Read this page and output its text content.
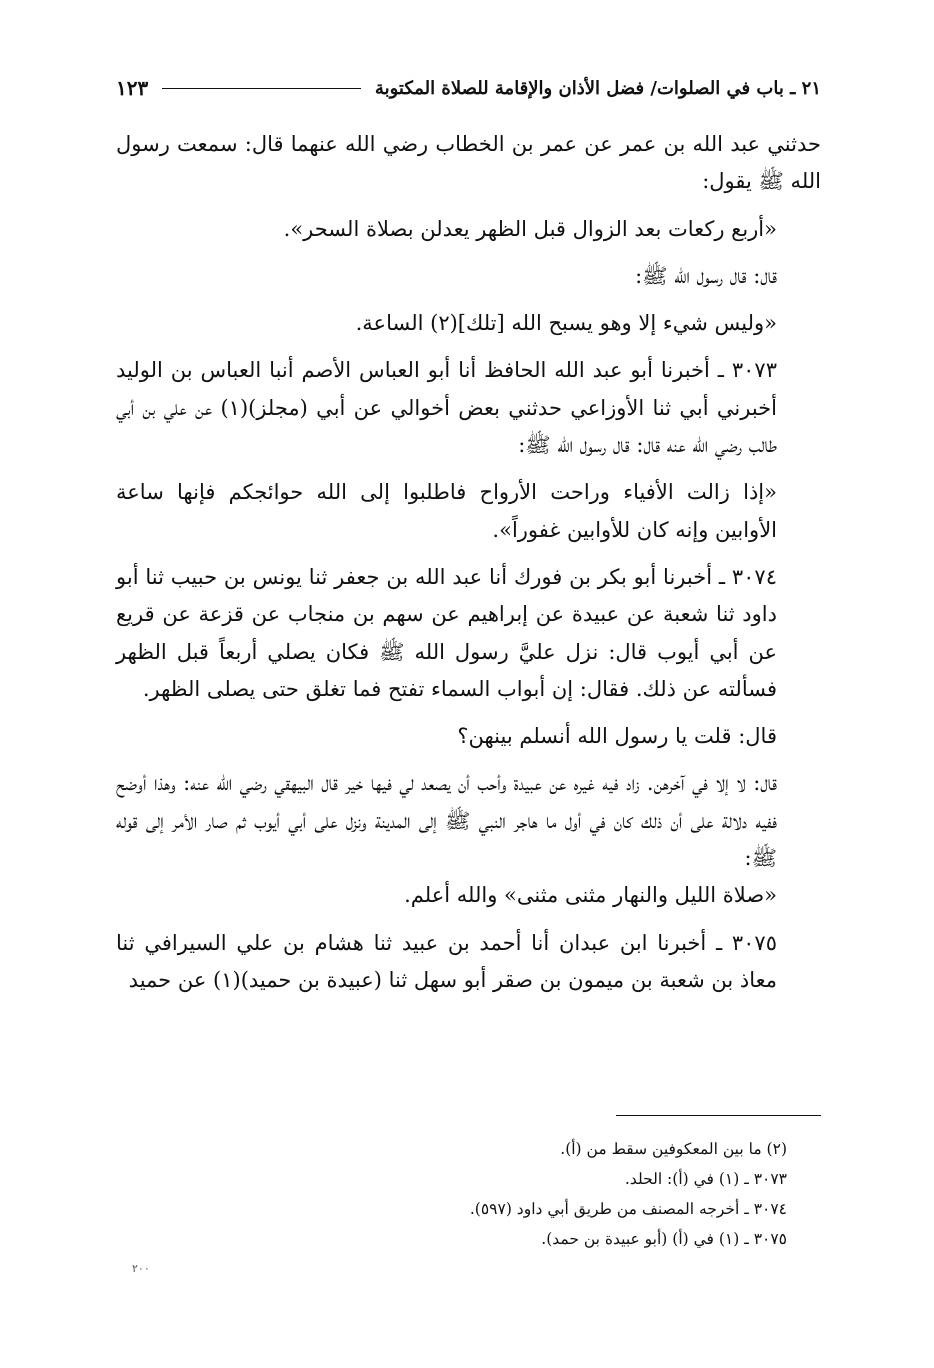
٢١ ـ باب في الصلوات/ فضل الأذان والإقامة للصلاة المكتوبة
١٢٣

حدثني عبد الله بن عمر عن عمر بن الخطاب رضي الله عنهما قال: سمعت رسول الله ﷺ يقول:

«أربع ركعات بعد الزوال قبل الظهر يعدلن بصلاة السحر».

قال: قال رسول الله ﷺ:

«وليس شيء إلا وهو يسبح الله [تلك](٢) الساعة.

٣٠٧٣ ـ أخبرنا أبو عبد الله الحافظ أنا أبو العباس الأصم أنبا العباس بن الوليد أخبرني أبي ثنا الأوزاعي حدثني بعض أخوالي عن أبي (مجلز)(١) عن علي بن أبي طالب رضي الله عنه قال: قال رسول الله ﷺ:

«إذا زالت الأفياء وراحت الأرواح فاطلبوا إلى الله حوائجكم فإنها ساعة الأوابين وإنه كان للأوابين غفوراً».

٣٠٧٤ ـ أخبرنا أبو بكر بن فورك أنا عبد الله بن جعفر ثنا يونس بن حبيب ثنا أبو داود ثنا شعبة عن عبيدة عن إبراهيم عن سهم بن منجاب عن قزعة عن قريع عن أبي أيوب قال: نزل عليَّ رسول الله ﷺ فكان يصلي أربعاً قبل الظهر فسألته عن ذلك. فقال: إن أبواب السماء تفتح فما تغلق حتى يصلى الظهر.

قال: قلت يا رسول الله أنسلم بينهن؟

قال: لا إلا في آخرهن. زاد فيه غيره عن عبيدة وأحب أن يصعد لي فيها خير قال البيهقي رضي الله عنه: وهذا أوضح ففيه دلالة على أن ذلك كان في أول ما هاجر النبي ﷺ إلى المدينة ونزل على أبي أيوب ثم صار الأمر إلى قوله ﷺ:

«صلاة الليل والنهار مثنى مثنى» والله أعلم.

٣٠٧٥ ـ أخبرنا ابن عبدان أنا أحمد بن عبيد ثنا هشام بن علي السيرافي ثنا معاذ بن شعبة بن ميمون بن صقر أبو سهل ثنا (عبيدة بن حميد)(١) عن حميد

(٢) ما بين المعكوفين سقط من (أ).

٣٠٧٣ ـ (١) في (أ): الحلد.

٣٠٧٤ ـ أخرجه المصنف من طريق أبي داود (٥٩٧).

٣٠٧٥ ـ (١) في (أ) (أبو عبيدة بن حمد).

٢٠٠
